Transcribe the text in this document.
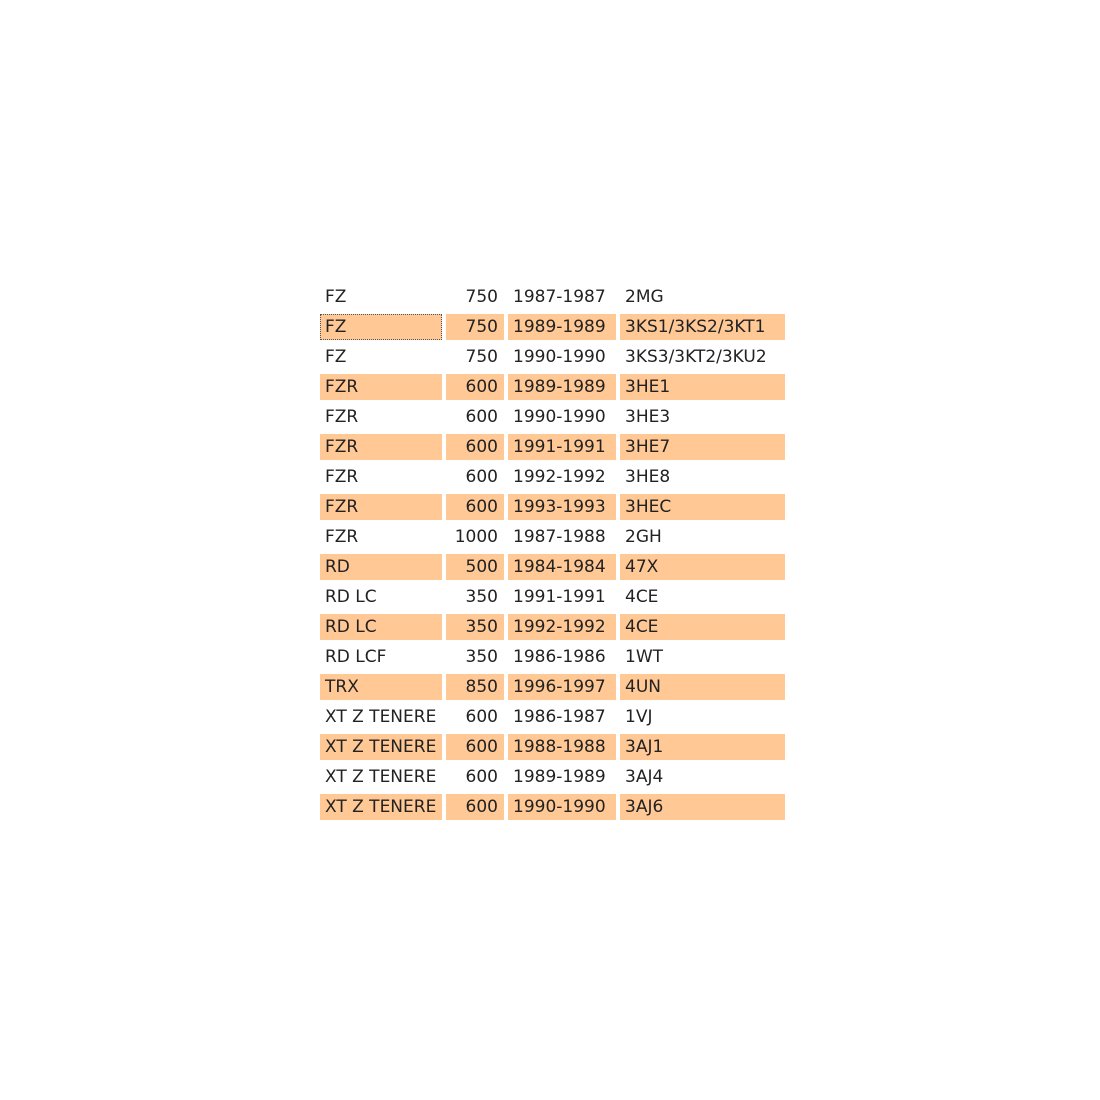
FZ	750 1987-1987	2MG
FZ	750 1989-1989	3KS1/3KS2/3KT1
FZ	750 1990-1990	3KS3/3KT2/3KU2
FZR	600 1989-1989	3HE1
FZR	600 1990-1990	3HE3
FZR	600 1991-1991	3HE7
FZR	600 1992-1992	3HE8
FZR	600 1993-1993	3HEC
FZR	1000 1987-1988	2GH
RD	500 1984-1984	47X
RD LC	350 1991-1991	4CE
RD LC	350 1992-1992	4CE
RD LCF	350 1986-1986	1WT
TRX	850 1996-1997	4UN
XT Z TENERE	600 1986-1987	1VJ
XT Z TENERE	600 1988-1988	3AJ1
XT Z TENERE	600 1989-1989	3AJ4
XT Z TENERE	600 1990-1990	3AJ6
